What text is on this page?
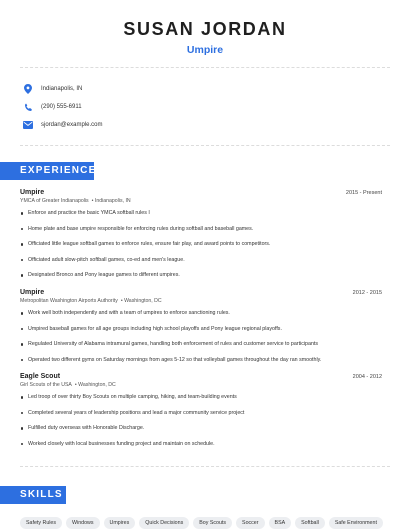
SUSAN JORDAN
Umpire
Indianapolis, IN
(290) 555-6911
sjordan@example.com
EXPERIENCE
Umpire	2015 - Present
YMCA of Greater Indianapolis • Indianapolis, IN
Enforce and practice the basic YMCA softball rules I
Home plate and base umpire responsible for enforcing rules during softball and baseball games.
Officiated little league softball games to enforce rules, ensure fair play, and award points to competitors.
Officiated adult slow-pitch softball games, co-ed and men's league.
Designated Bronco and Pony league games to different umpires.
Umpire	2012 - 2015
Metropolitan Washington Airports Authority • Washington, DC
Work well both independently and with a team of umpires to enforce sanctioning rules.
Umpired baseball games for all age groups including high school playoffs and Pony league regional playoffs.
Regulated University of Alabama intramural games, handling both enforcement of rules and customer service to participants
Operated two different gyms on Saturday mornings from ages 5-12 so that volleyball games throughout the day ran smoothly.
Eagle Scout	2004 - 2012
Girl Scouts of the USA • Washington, DC
Led troop of over thirty Boy Scouts on multiple camping, hiking, and team-building events
Completed several years of leadership positions and lead a major community service project
Fulfilled duty overseas with Honorable Discharge.
Worked closely with local businesses funding project and maintain on schedule.
SKILLS
Safety Rules	Windows	Umpires	Quick Decisions	Boy Scouts	Soccer	BSA	Softball	Safe Environment
